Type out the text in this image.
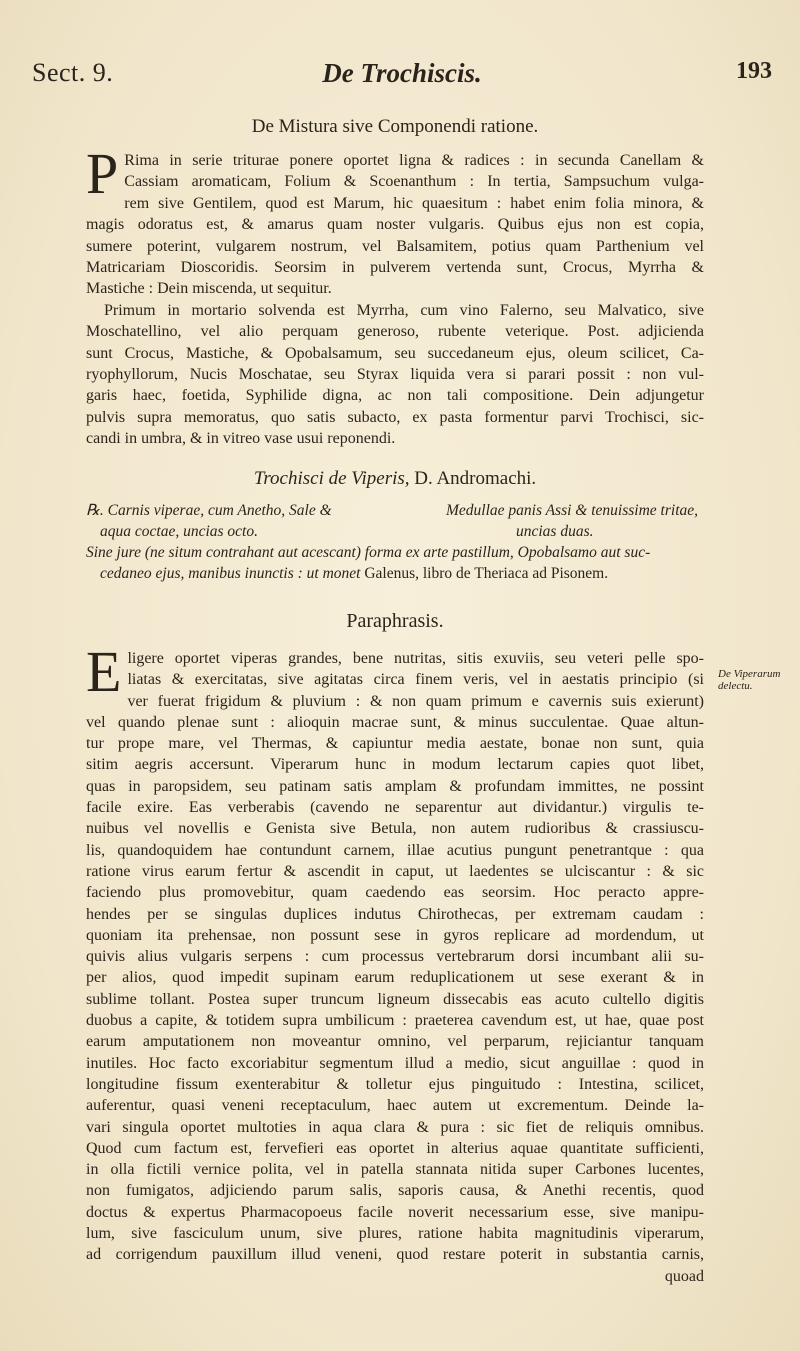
Sect. 9.	De Trochiscis.	193
De Mistura sive Componendi ratione.
P Rima in serie triturae ponere oportet ligna & radices : in secunda Canellam &
Cassiam aromaticam, Folium & Scoenanthum : In tertia, Sampsuchum vulga-
rem sive Gentilem, quod est Marum, hic quaesitum : habet enim folia minora, &
magis odoratus est, & amarus quam noster vulgaris. Quibus ejus non est copia,
sumere poterint, vulgarem nostrum, vel Balsamitem, potius quam Parthenium vel
Matricariam Dioscoridis. Seorsim in pulverem vertenda sunt, Crocus, Myrrha &
Mastiche : Dein miscenda, ut sequitur.
Primum in mortario solvenda est Myrrha, cum vino Falerno, seu Malvatico, sive
Moschatellino, vel alio perquam generoso, rubente veterique. Post. adjicienda
sunt Crocus, Mastiche, & Opobalsamum, seu succedaneum ejus, oleum scilicet, Ca-
ryophyllorum, Nucis Moschatae, seu Styrax liquida vera si parari possit : non vul-
garis haec, foetida, Syphilide digna, ac non tali compositione. Dein adjungetur
pulvis supra memoratus, quo satis subacto, ex pasta formentur parvi Trochisci, sic-
candi in umbra, & in vitreo vase usui reponendi.
Trochisci de Viperis, D. Andromachi.
℞. Carnis viperae, cum Anetho, Sale &	Medullae panis Assi & tenuissime tritae,
aqua coctae, uncias octo.	uncias duas.
Sine jure (ne situm contrahant aut acescant) forma ex arte pastillum, Opobalsamo aut suc-
cedaneo ejus, manibus inunctis : ut monet Galenus, libro de Theriaca ad Pisonem.
Paraphrasis.
De Viperarum delectu.
E ligere oportet viperas grandes, bene nutritas, sitis exuviis, seu veteri pelle spo-
liatas & exercitatas, sive agitatas circa finem veris, vel in aestatis principio (si
ver fuerat frigidum & pluvium : & non quam primum e cavernis suis exierunt)
vel quando plenae sunt : alioquin macrae sunt, & minus succulentae. Quae altun-
tur prope mare, vel Thermas, & capiuntur media aestate, bonae non sunt, quia
sitim aegris accersunt. Viperarum hunc in modum lectarum capies quot libet,
quas in paropsidem, seu patinam satis amplam & profundam immittes, ne possint
facile exire. Eas verberabis (cavendo ne separentur aut dividantur.) virgulis te-
nuibus vel novellis e Genista sive Betula, non autem rudioribus & crassiuscu-
lis, quandoquidem hae contundunt carnem, illae acutius pungunt penetrantque : qua
ratione virus earum fertur & ascendit in caput, ut laedentes se ulciscantur : & sic
faciendo plus promovebitur, quam caedendo eas seorsim. Hoc peracto appre-
hendes per se singulas duplices indutus Chirothecas, per extremam caudam :
quoniam ita prehensae, non possunt sese in gyros replicare ad mordendum, ut
quivis alius vulgaris serpens : cum processus vertebrarum dorsi incumbant alii su-
per alios, quod impedit supinam earum reduplicationem ut sese exerant & in
sublime tollant. Postea super truncum ligneum dissecabis eas acuto cultello digitis
duobus a capite, & totidem supra umbilicum : praeterea cavendum est, ut hae, quae post
earum amputationem non moveantur omnino, vel perparum, rejiciantur tanquam
inutiles. Hoc facto excoriabitur segmentum illud a medio, sicut anguillae : quod in
longitudine fissum exenterabitur & tolletur ejus pinguitudo : Intestina, scilicet,
auferentur, quasi veneni receptaculum, haec autem ut excrementum. Deinde la-
vari singula oportet multoties in aqua clara & pura : sic fiet de reliquis omnibus.
Quod cum factum est, fervefieri eas oportet in alterius aquae quantitate sufficienti,
in olla fictili vernice polita, vel in patella stannata nitida super Carbones lucentes,
non fumigatos, adjiciendo parum salis, saporis causa, & Anethi recentis, quod
doctus & expertus Pharmacopoeus facile noverit necessarium esse, sive manipu-
lum, sive fasciculum unum, sive plures, ratione habita magnitudinis viperarum,
ad corrigendum pauxillum illud veneni, quod restare poterit in substantia carnis,
quoad
